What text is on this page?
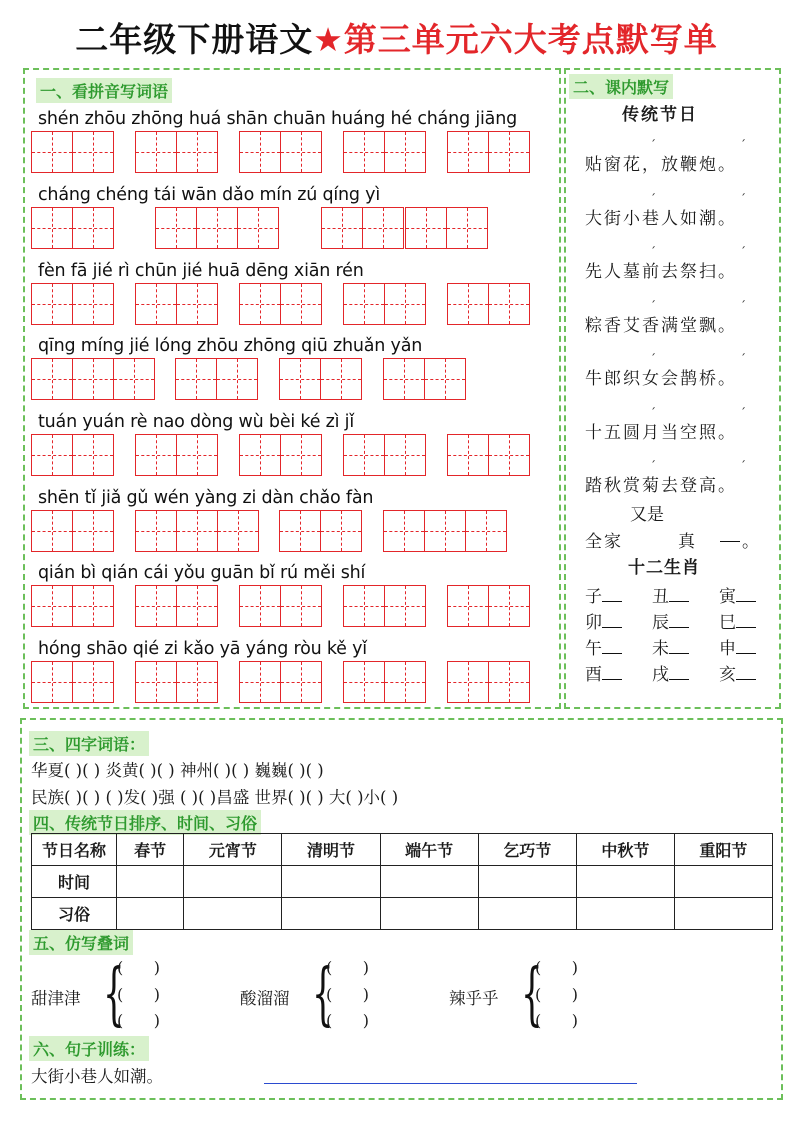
二年级下册语文★第三单元六大考点默写单
一、看拼音写词语
shén zhōu zhōng huá shān chuān huáng hé cháng jiāng
cháng chéng tái wān dǎo mín zú qíng yì
fèn fā jié rì chūn jié huā dēng xiān rén
qīng míng jié lóng zhōu zhōng qiū zhuǎn yǎn
tuán yuán rè nao dòng wù bèi ké zì jǐ
shēn tǐ jiǎ gǔ wén yàng zi dàn chǎo fàn
qián bì qián cái yǒu guān bǐ rú měi shí
hóng shāo qié zi kǎo yā yáng ròu kě yǐ
二、课内默写
传统节日
贴窗花，放鞭炮。
ˊ	ˊ
大街小巷人如潮。
ˊ	ˊ
先人墓前去祭扫。
ˊ	ˊ
粽香艾香满堂飘。
ˊ	ˊ
牛郎织女会鹊桥。
ˊ	ˊ
十五圆月当空照。
ˊ	ˊ
踏秋赏菊去登高。
ˊ	ˊ
又是
全家	真	。
十二生肖
子	丑	寅
卯	辰	巳
午	未	申
酉	戌	亥
三、四字词语：
华夏( )( ) 炎黄( )( ) 神州( )( ) 巍巍( )( )
民族( )( ) ( )发( )强 ( )( )昌盛 世界( )( ) 大( )小( )
四、传统节日排序、时间、习俗
节日名称	春节	元宵节	清明节	端午节	乞巧节	中秋节	重阳节
时间							
习俗							
五、仿写叠词
甜津津 {
(      )
(      )
(      )
酸溜溜 {
(      )
(      )
(      )
辣乎乎 {
(      )
(      )
(      )
六、句子训练：
大街小巷人如潮。
